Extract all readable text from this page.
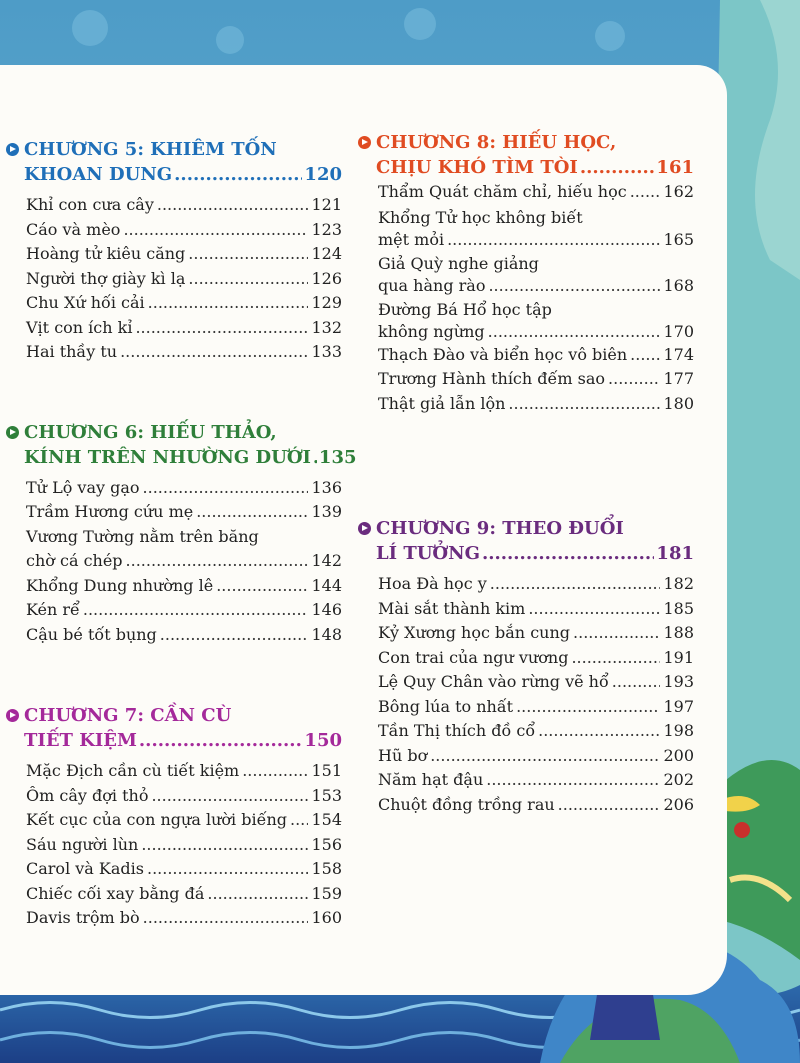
CHƯƠNG 5: KHIÊM TỐN
KHOAN DUNG .....	120
Khỉ con cưa cây .....	121
Cáo và mèo .....	123
Hoàng tử kiêu căng .....	124
Người thợ giày kì lạ .....	126
Chu Xứ hối cải .....	129
Vịt con ích kỉ .....	132
Hai thầy tu .....	133
CHƯƠNG 6: HIẾU THẢO,
KÍNH TRÊN NHƯỜNG DƯỚI ..... 135
Tử Lộ vay gạo .....	136
Trầm Hương cứu mẹ .....	139
Vương Tường nằm trên băng
chờ cá chép .....	142
Khổng Dung nhường lê .....	144
Kén rể .....	146
Cậu bé tốt bụng .....	148
CHƯƠNG 7: CẦN CÙ
TIẾT KIỆM .....	150
Mặc Địch cần cù tiết kiệm .....	151
Ôm cây đợi thỏ .....	153
Kết cục của con ngựa lười biếng ..... 154
Sáu người lùn .....	156
Carol và Kadis .....	158
Chiếc cối xay bằng đá .....	159
Davis trộm bò .....	160
CHƯƠNG 8: HIẾU HỌC,
CHỊU KHÓ TÌM TÒI .....	161
Thẩm Quát chăm chỉ, hiếu học ..... 162
Khổng Tử học không biết
mệt mỏi .....	165
Giả Quỳ nghe giảng
qua hàng rào .....	168
Đường Bá Hổ học tập
không ngừng .....	170
Thạch Đào và biển học vô biên ..... 174
Trương Hành thích đếm sao .....	177
Thật giả lẫn lộn .....	180
CHƯƠNG 9: THEO ĐUỔI
LÍ TƯỞNG .....	181
Hoa Đà học y .....	182
Mài sắt thành kim .....	185
Kỷ Xương học bắn cung .....	188
Con trai của ngư vương .....	191
Lệ Quy Chân vào rừng vẽ hổ .....	193
Bông lúa to nhất .....	197
Tần Thị thích đồ cổ .....	198
Hũ bơ .....	200
Năm hạt đậu .....	202
Chuột đồng trồng rau .....	206
